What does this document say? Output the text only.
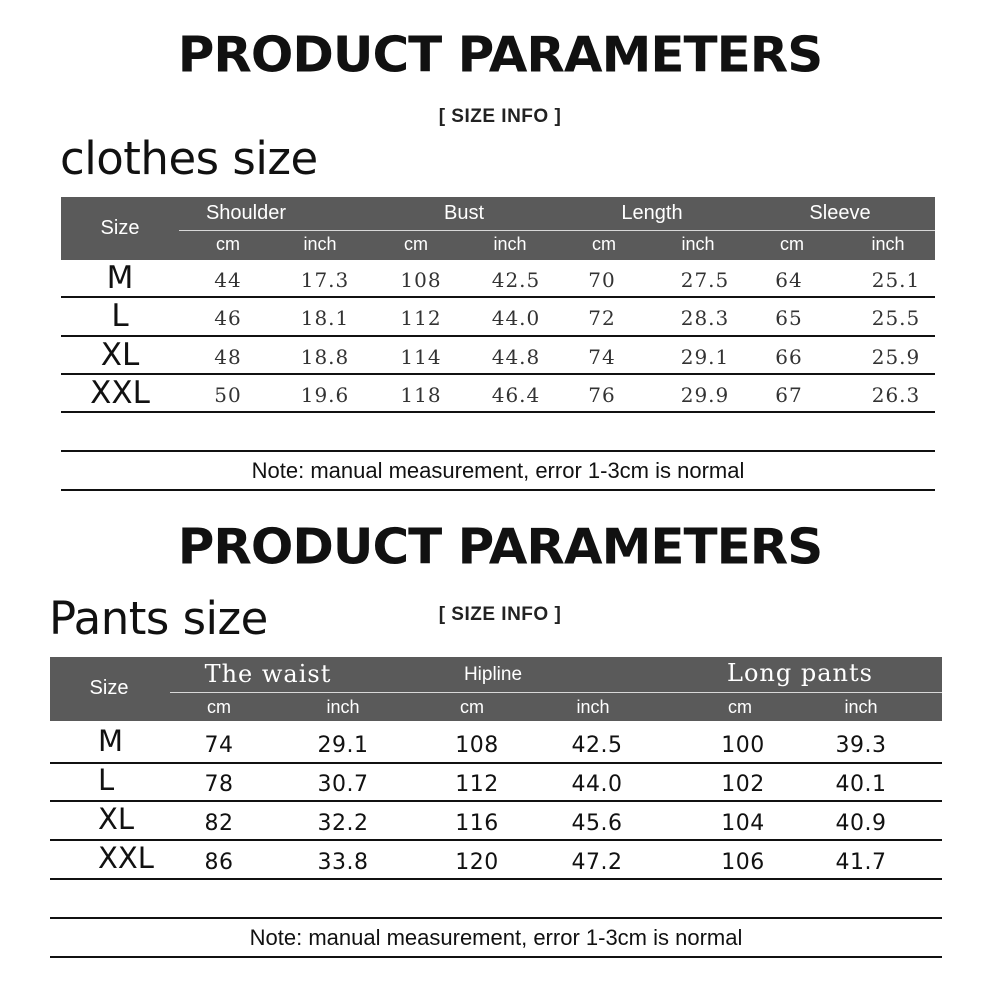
PRODUCT PARAMETERS
[ SIZE INFO ]
clothes size
Size
Shoulder	Bust	Length	Sleeve
cm	inch	cm	inch	cm	inch	cm	inch
M	44	17.3	108	42.5	70	27.5	64	25.1
L	46	18.1	112	44.0	72	28.3	65	25.5
XL	48	18.8	114	44.8	74	29.1	66	25.9
XXL	50	19.6	118	46.4	76	29.9	67	26.3
Note: manual measurement, error 1-3cm is normal
PRODUCT PARAMETERS
[ SIZE INFO ]
Pants size
Size	The waist	Hipline	Long pants
cm	inch	cm	inch	cm	inch
M	74	29.1	108	42.5	100	39.3
L	78	30.7	112	44.0	102	40.1
XL	82	32.2	116	45.6	104	40.9
XXL	86	33.8	120	47.2	106	41.7
Note: manual measurement, error 1-3cm is normal
